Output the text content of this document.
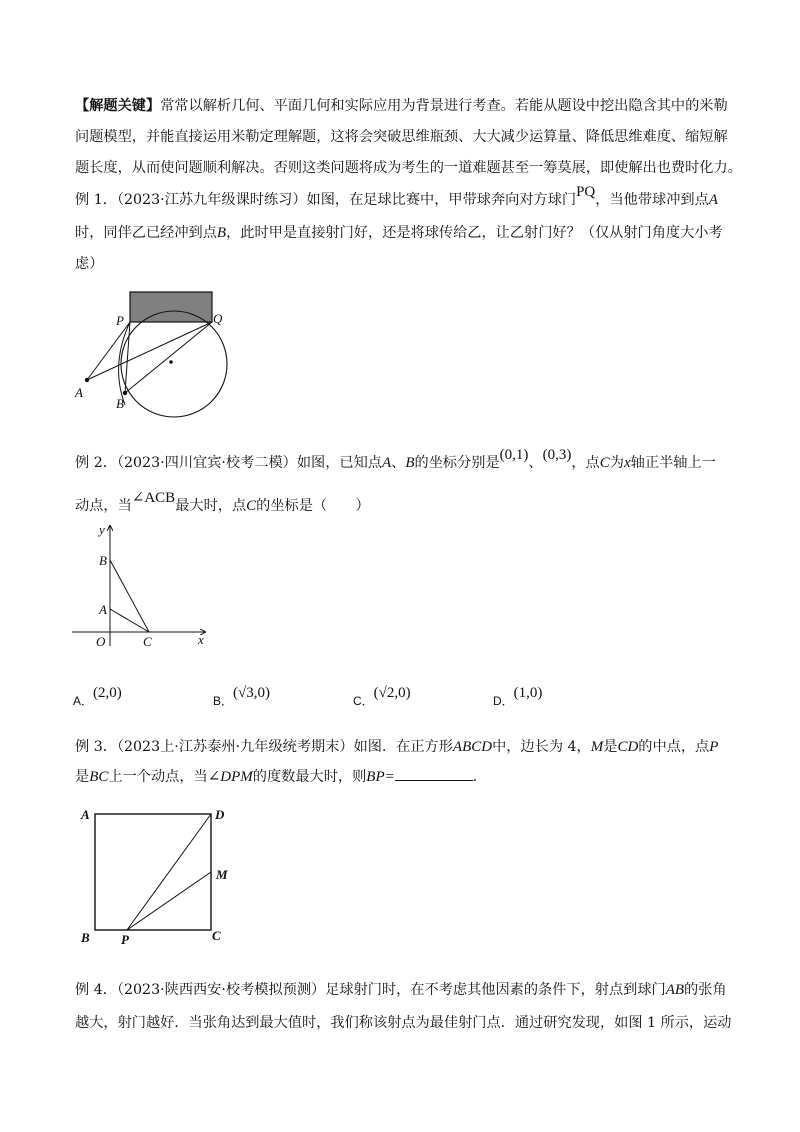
【解题关键】常常以解析几何、平面几何和实际应用为背景进行考查。若能从题设中挖出隐含其中的米勒
问题模型，并能直接运用米勒定理解题，这将会突破思维瓶颈、大大减少运算量、降低思维难度、缩短解
题长度，从而使问题顺利解决。否则这类问题将成为考生的一道难题甚至一筹莫展，即使解出也费时化力。
例 1．（2023·江苏九年级课时练习）如图，在足球比赛中，甲带球奔向对方球门PQ，当他带球冲到点A
时，同伴乙已经冲到点B，此时甲是直接射门好，还是将球传给乙，让乙射门好？（仅从射门角度大小考
虑）
P	Q
A
B
例 2．（2023·四川宜宾·校考二模）如图，已知点A、B的坐标分别是(0,1)、(0,3)，点C为x轴正半轴上一
动点，当∠ACB最大时，点C的坐标是（　　）
y
x
B
A
O	C
A．(2,0)	B．(√3,0)	C．(√2,0)	D．(1,0)
例 3．（2023上·江苏泰州·九年级统考期末）如图．在正方形ABCD中，边长为 4，M是CD的中点，点P
是BC上一个动点，当∠DPM的度数最大时，则BP=	.
A	D
M
B P	C
例 4．（2023·陕西西安·校考模拟预测）足球射门时，在不考虑其他因素的条件下，射点到球门AB的张角
越大，射门越好．当张角达到最大值时，我们称该射点为最佳射门点．通过研究发现，如图 1 所示，运动
